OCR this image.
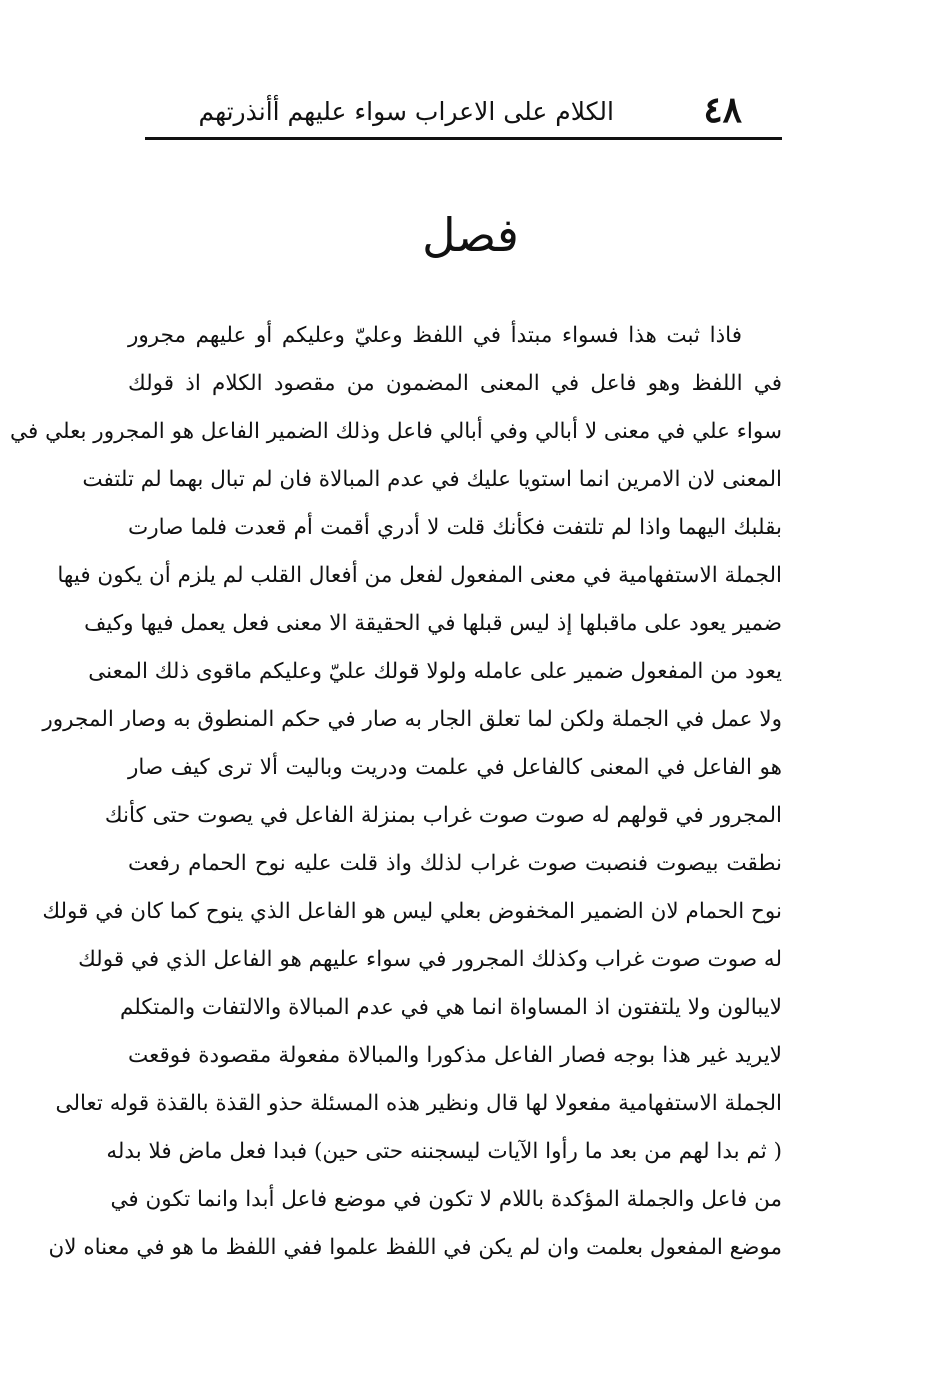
٤٨
الكلام على الاعراب سواء عليهم أأنذرتهم
فصل
فاذا ثبت هذا فسواء مبتدأ في اللفظ وعليّ وعليكم أو عليهم مجرور
في اللفظ وهو فاعل في المعنى المضمون من مقصود الكلام اذ قولك
سواء علي في معنى لا أبالي وفي أبالي فاعل وذلك الضمير الفاعل هو المجرور بعلي في
المعنى لان الامرين انما استويا عليك في عدم المبالاة فان لم تبال بهما لم تلتفت
بقلبك اليهما واذا لم تلتفت فكأنك قلت لا أدري أقمت أم قعدت فلما صارت
الجملة الاستفهامية في معنى المفعول لفعل من أفعال القلب لم يلزم أن يكون فيها
ضمير يعود على ماقبلها إذ ليس قبلها في الحقيقة الا معنى فعل يعمل فيها وكيف
يعود من المفعول ضمير على عامله ولولا قولك عليّ وعليكم ماقوى ذلك المعنى
ولا عمل في الجملة ولكن لما تعلق الجار به صار في حكم المنطوق به وصار المجرور
هو الفاعل في المعنى كالفاعل في علمت ودريت وباليت ألا ترى كيف صار
المجرور في قولهم له صوت صوت غراب بمنزلة الفاعل في يصوت حتى كأنك
نطقت بيصوت فنصبت صوت غراب لذلك واذ قلت عليه نوح الحمام رفعت
نوح الحمام لان الضمير المخفوض بعلي ليس هو الفاعل الذي ينوح كما كان في قولك
له صوت صوت غراب وكذلك المجرور في سواء عليهم هو الفاعل الذي في قولك
لايبالون ولا يلتفتون اذ المساواة انما هي في عدم المبالاة والالتفات والمتكلم
لايريد غير هذا بوجه فصار الفاعل مذكورا والمبالاة مفعولة مقصودة فوقعت
الجملة الاستفهامية مفعولا لها قال ونظير هذه المسئلة حذو القذة بالقذة قوله تعالى
( ثم بدا لهم من بعد ما رأوا الآيات ليسجننه حتى حين) فبدا فعل ماض فلا بدله
من فاعل والجملة المؤكدة باللام لا تكون في موضع فاعل أبدا وانما تكون في
موضع المفعول بعلمت وان لم يكن في اللفظ علموا ففي اللفظ ما هو في معناه لان
